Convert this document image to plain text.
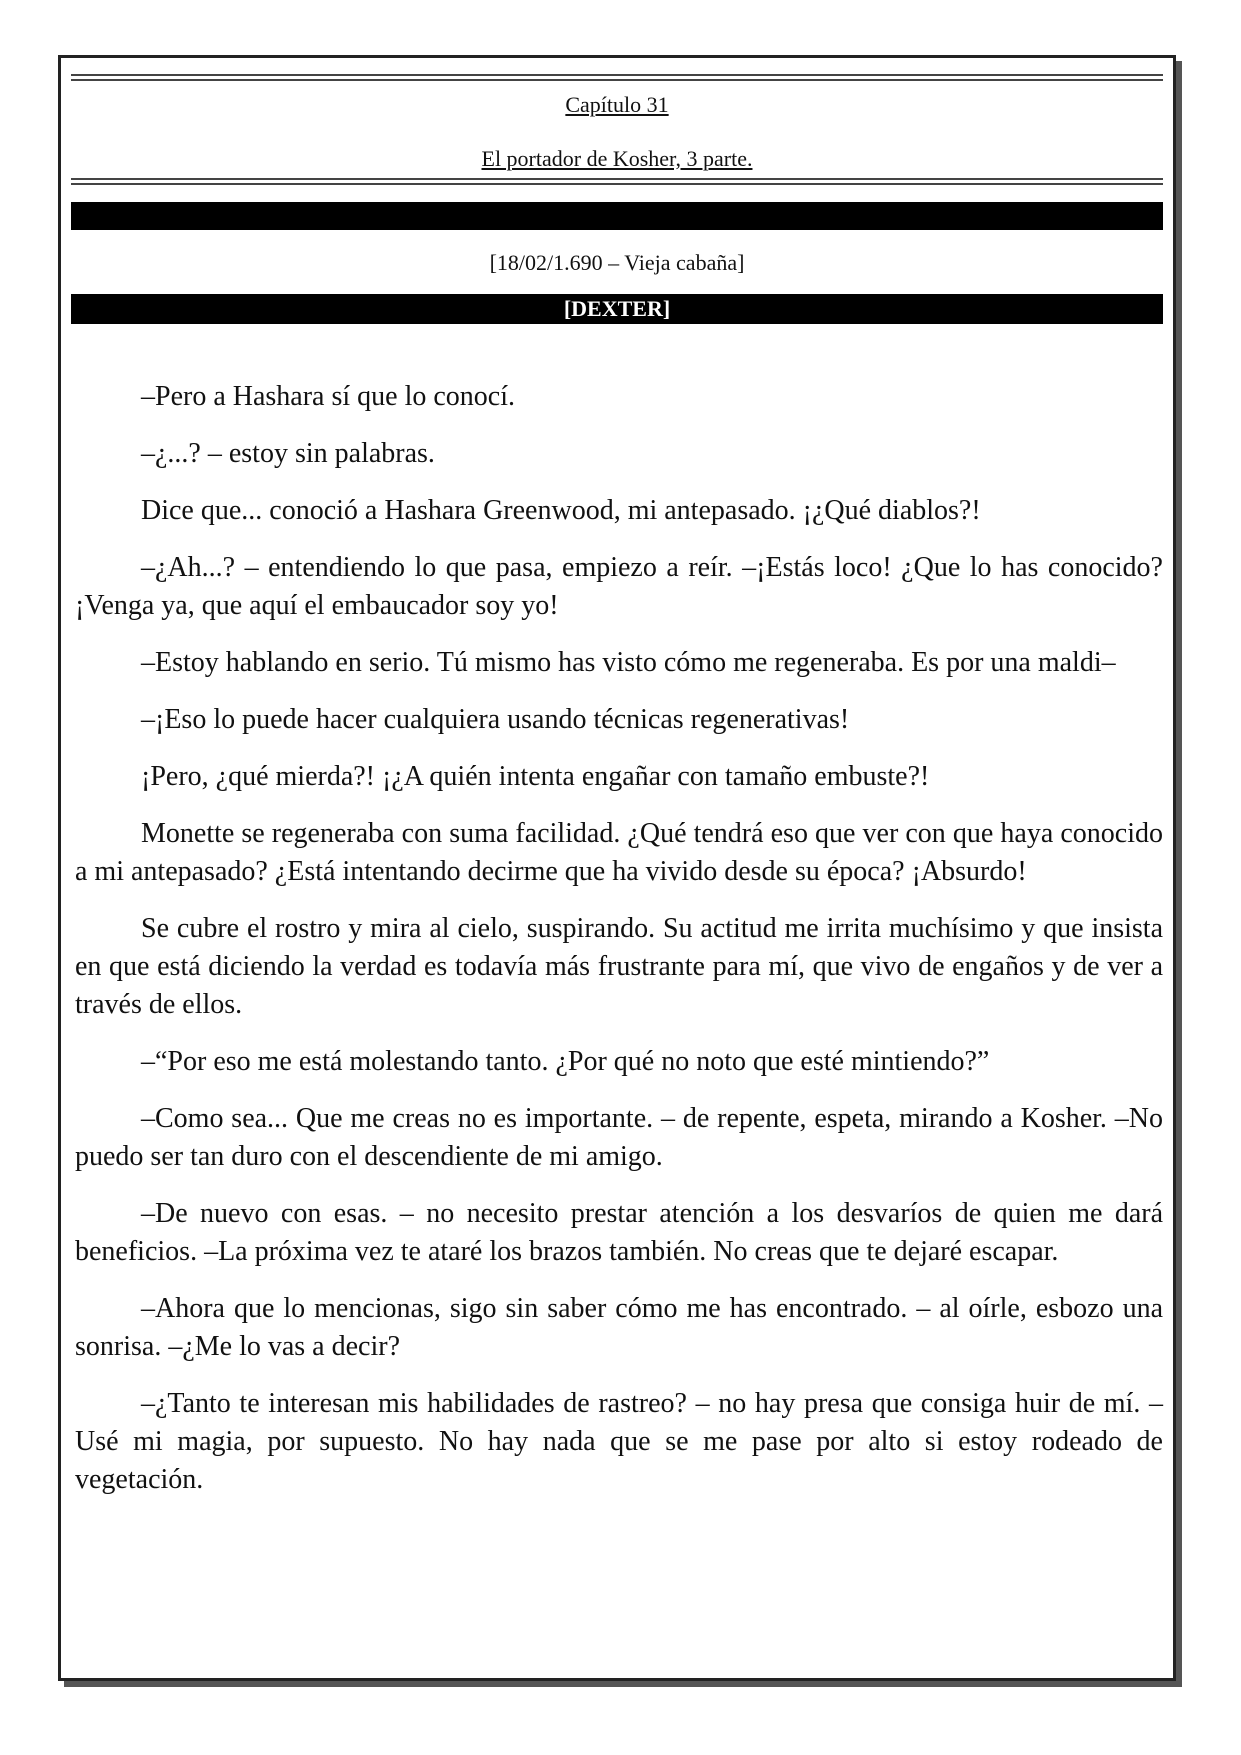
Capítulo 31
El portador de Kosher, 3 parte.
[18/02/1.690 – Vieja cabaña]
[DEXTER]

–Pero a Hashara sí que lo conocí.

–¿...? – estoy sin palabras.

Dice que... conoció a Hashara Greenwood, mi antepasado. ¡¿Qué diablos?!

–¿Ah...? – entendiendo lo que pasa, empiezo a reír. –¡Estás loco! ¿Que lo has conocido? ¡Venga ya, que aquí el embaucador soy yo!

–Estoy hablando en serio. Tú mismo has visto cómo me regeneraba. Es por una maldi–

–¡Eso lo puede hacer cualquiera usando técnicas regenerativas!

¡Pero, ¿qué mierda?! ¡¿A quién intenta engañar con tamaño embuste?!

Monette se regeneraba con suma facilidad. ¿Qué tendrá eso que ver con que haya conocido a mi antepasado? ¿Está intentando decirme que ha vivido desde su época? ¡Absurdo!

Se cubre el rostro y mira al cielo, suspirando. Su actitud me irrita muchísimo y que insista en que está diciendo la verdad es todavía más frustrante para mí, que vivo de engaños y de ver a través de ellos.

–“Por eso me está molestando tanto. ¿Por qué no noto que esté mintiendo?”

–Como sea... Que me creas no es importante. – de repente, espeta, mirando a Kosher. –No puedo ser tan duro con el descendiente de mi amigo.

–De nuevo con esas. – no necesito prestar atención a los desvaríos de quien me dará beneficios. –La próxima vez te ataré los brazos también. No creas que te dejaré escapar.

–Ahora que lo mencionas, sigo sin saber cómo me has encontrado. – al oírle, esbozo una sonrisa. –¿Me lo vas a decir?

–¿Tanto te interesan mis habilidades de rastreo? – no hay presa que consiga huir de mí. –Usé mi magia, por supuesto. No hay nada que se me pase por alto si estoy rodeado de vegetación.
